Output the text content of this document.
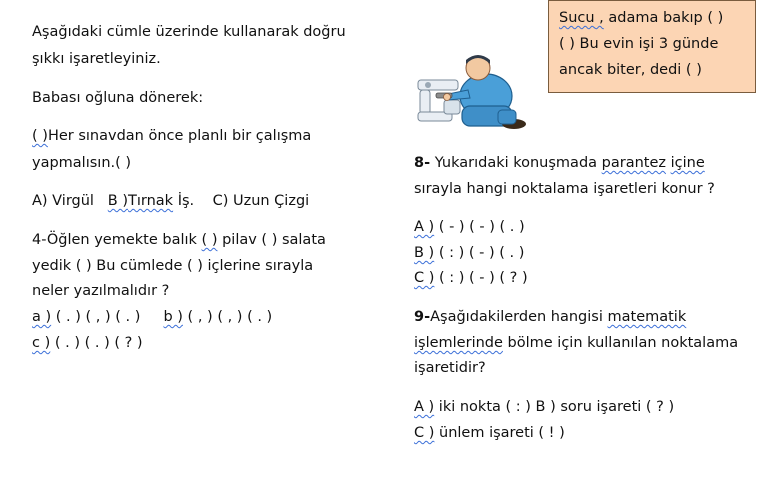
Aşağıdaki cümle üzerinde kullanarak doğru
şıkkı işaretleyiniz.
Babası oğluna dönerek:
( )Her sınavdan önce planlı bir çalışma
yapmalısın.( )
A) Virgül B )Tırnak İş. C) Uzun Çizgi
4-Öğlen yemekte balık ( ) pilav ( ) salata
yedik ( ) Bu cümlede ( ) içlerine sırayla
neler yazılmalıdır ?
a ) ( . ) ( , ) ( . ) b ) ( , ) ( , ) ( . )
c ) ( . ) ( . ) ( ? )
Sucu , adama bakıp ( )
( ) Bu evin işi 3 günde
ancak biter, dedi ( )
8- Yukarıdaki konuşmada parantez içine
sırayla hangi noktalama işaretleri konur ?
A ) ( - ) ( - ) ( . )
B ) ( : ) ( - ) ( . )
C ) ( : ) ( - ) ( ? )
9-Aşağıdakilerden hangisi matematik
işlemlerinde bölme için kullanılan noktalama
işaretidir?
A ) iki nokta ( : ) B ) soru işareti ( ? )
C ) ünlem işareti ( ! )
